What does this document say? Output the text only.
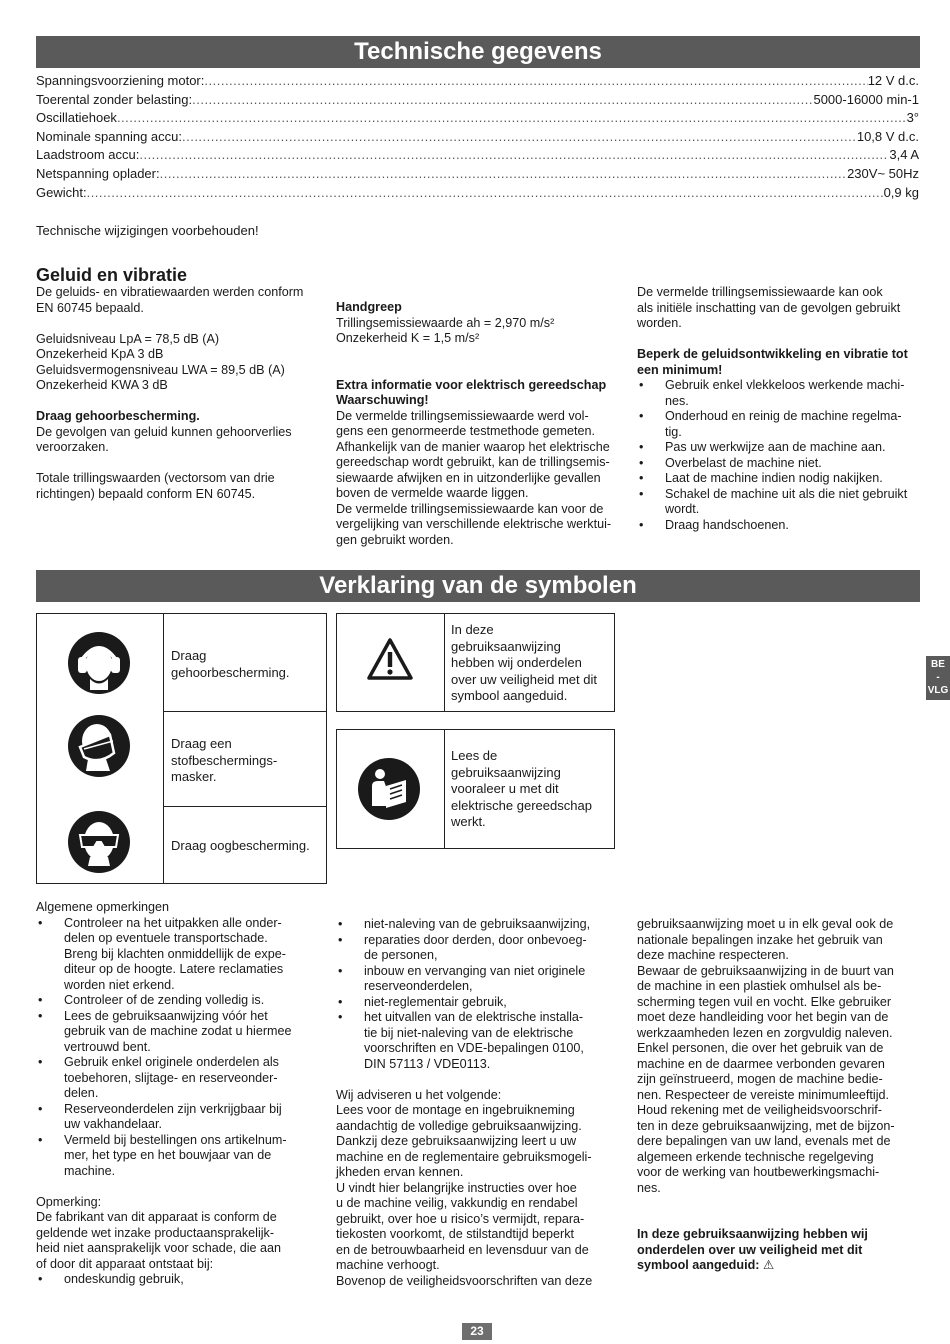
Technische gegevens
Spanningsvoorziening motor: .....	12 V d.c.
Toerental zonder belasting: .....	5000-16000 min-1
Oscillatiehoek .....	3°
Nominale spanning accu: .....	10,8 V d.c.
Laadstroom accu: .....	3,4 A
Netspanning oplader: .....	230V~ 50Hz
Gewicht: .....	0,9 kg
Technische wijzigingen voorbehouden!
Geluid en vibratie

De geluids- en vibratiewaarden werden conform

EN 60745 bepaald.

Geluidsniveau LpA = 78,5 dB (A)

Onzekerheid KpA 3 dB

Geluidsvermogensniveau LWA = 89,5 dB (A)

Onzekerheid KWA 3 dB

Draag gehoorbescherming.

De gevolgen van geluid kunnen gehoorverlies

veroorzaken.

Totale trillingswaarden (vectorsom van drie

richtingen) bepaald conform EN 60745.

Handgreep

Trillingsemissiewaarde ah = 2,970 m/s²

Onzekerheid K = 1,5 m/s²

Extra informatie voor elektrisch gereedschap

Waarschuwing!

De vermelde trillingsemissiewaarde werd vol-

gens een genormeerde testmethode gemeten.

Afhankelijk van de manier waarop het elektrische

gereedschap wordt gebruikt, kan de trillingsemis-

siewaarde afwijken en in uitzonderlijke gevallen

boven de vermelde waarde liggen.

De vermelde trillingsemissiewaarde kan voor de

vergelijking van verschillende elektrische werktui-

gen gebruikt worden.

De vermelde trillingsemissiewaarde kan ook

als initiële inschatting van de gevolgen gebruikt

worden.

Beperk de geluidsontwikkeling en vibratie tot

een minimum!

• Gebruik enkel vlekkeloos werkende machi-
nes.
• Onderhoud en reinig de machine regelma-
tig.
• Pas uw werkwijze aan de machine aan.
• Overbelast de machine niet.
• Laat de machine indien nodig nakijken.
• Schakel de machine uit als die niet gebruikt
wordt.
• Draag handschoenen.
Verklaring van de symbolen
Draag
gehoorbescherming.
Draag een
stofbeschermings-
masker.
Draag oogbescherming.
In deze
gebruiksaanwijzing
hebben wij onderdelen
over uw veiligheid met dit
symbool aangeduid.
Lees de
gebruiksaanwijzing
vooraleer u met dit
elektrische gereedschap
werkt.
BE
-
VLG

Algemene opmerkingen

• Controleer na het uitpakken alle onder-
delen op eventuele transportschade.
Breng bij klachten onmiddellijk de expe-
diteur op de hoogte. Latere reclamaties
worden niet erkend.
• Controleer of de zending volledig is.
• Lees de gebruiksaanwijzing vóór het
gebruik van de machine zodat u hiermee
vertrouwd bent.
• Gebruik enkel originele onderdelen als
toebehoren, slijtage- en reserveonder-
delen.
• Reserveonderdelen zijn verkrijgbaar bij
uw vakhandelaar.
• Vermeld bij bestellingen ons artikelnum-
mer, het type en het bouwjaar van de
machine.

Opmerking:

De fabrikant van dit apparaat is conform de

geldende wet inzake productaansprakelijk-

heid niet aansprakelijk voor schade, die aan

of door dit apparaat ontstaat bij:

• ondeskundig gebruik,
• niet-naleving van de gebruiksaanwijzing,
• reparaties door derden, door onbevoeg-
de personen,
• inbouw en vervanging van niet originele
reserveonderdelen,
• niet-reglementair gebruik,
• het uitvallen van de elektrische installa-
tie bij niet-naleving van de elektrische
voorschriften en VDE-bepalingen 0100,
DIN 57113 / VDE0113.

Wij adviseren u het volgende:

Lees voor de montage en ingebruikneming

aandachtig de volledige gebruiksaanwijzing.

Dankzij deze gebruiksaanwijzing leert u uw

machine en de reglementaire gebruiksmogeli-

jkheden ervan kennen.

U vindt hier belangrijke instructies over hoe

u de machine veilig, vakkundig en rendabel

gebruikt, over hoe u risico’s vermijdt, repara-

tiekosten voorkomt, de stilstandtijd beperkt

en de betrouwbaarheid en levensduur van de

machine verhoogt.

Bovenop de veiligheidsvoorschriften van deze

gebruiksaanwijzing moet u in elk geval ook de

nationale bepalingen inzake het gebruik van

deze machine respecteren.

Bewaar de gebruiksaanwijzing in de buurt van

de machine in een plastiek omhulsel als be-

scherming tegen vuil en vocht. Elke gebruiker

moet deze handleiding voor het begin van de

werkzaamheden lezen en zorgvuldig naleven.

Enkel personen, die over het gebruik van de

machine en de daarmee verbonden gevaren

zijn geïnstrueerd, mogen de machine bedie-

nen. Respecteer de vereiste minimumleeftijd.

Houd rekening met de veiligheidsvoorschrif-

ten in deze gebruiksaanwijzing, met de bijzon-

dere bepalingen van uw land, evenals met de

algemeen erkende technische regelgeving

voor de werking van houtbewerkingsmachi-

nes.

In deze gebruiksaanwijzing hebben wij

onderdelen over uw veiligheid met dit

symbool aangeduid: ⚠

23
